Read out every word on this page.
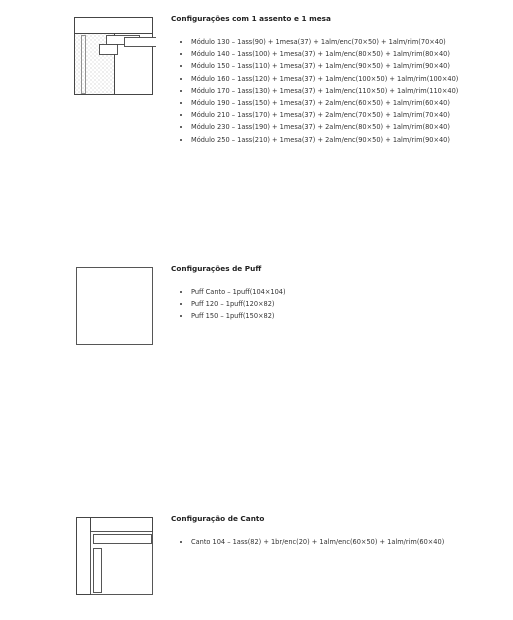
Configurações com 1 assento e 1 mesa

• Módulo 130 – 1ass(90) + 1mesa(37) + 1alm/enc(70×50) + 1alm/rim(70×40)
• Módulo 140 – 1ass(100) + 1mesa(37) + 1alm/enc(80×50) + 1alm/rim(80×40)
• Módulo 150 – 1ass(110) + 1mesa(37) + 1alm/enc(90×50) + 1alm/rim(90×40)
• Módulo 160 – 1ass(120) + 1mesa(37) + 1alm/enc(100×50) + 1alm/rim(100×40)
• Módulo 170 – 1ass(130) + 1mesa(37) + 1alm/enc(110×50) + 1alm/rim(110×40)
• Módulo 190 – 1ass(150) + 1mesa(37) + 2alm/enc(60×50) + 1alm/rim(60×40)
• Módulo 210 – 1ass(170) + 1mesa(37) + 2alm/enc(70×50) + 1alm/rim(70×40)
• Módulo 230 – 1ass(190) + 1mesa(37) + 2alm/enc(80×50) + 1alm/rim(80×40)
• Módulo 250 – 1ass(210) + 1mesa(37) + 2alm/enc(90×50) + 1alm/rim(90×40)

Configurações de Puff

• Puff Canto – 1puff(104×104)
• Puff 120 – 1puff(120×82)
• Puff 150 – 1puff(150×82)

Configuração de Canto

• Canto 104 – 1ass(82) + 1br/enc(20) + 1alm/enc(60×50) + 1alm/rim(60×40)
